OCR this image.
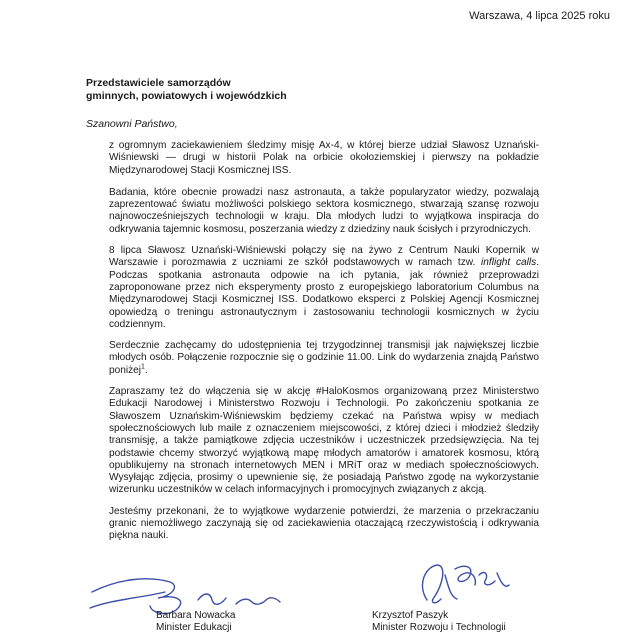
Warszawa, 4 lipca 2025 roku
Przedstawiciele samorządów
gminnych, powiatowych i wojewódzkich
Szanowni Państwo,

z ogromnym zaciekawieniem śledzimy misję Ax-4, w której bierze udział Sławosz Uznański-Wiśniewski — drugi w historii Polak na orbicie okołoziemskiej i pierwszy na pokładzie Międzynarodowej Stacji Kosmicznej ISS.

Badania, które obecnie prowadzi nasz astronauta, a także popularyzator wiedzy, pozwalają zaprezentować światu możliwości polskiego sektora kosmicznego, stwarzają szansę rozwoju najnowocześniejszych technologii w kraju. Dla młodych ludzi to wyjątkowa inspiracja do odkrywania tajemnic kosmosu, poszerzania wiedzy z dziedziny nauk ścisłych i przyrodniczych.

8 lipca Sławosz Uznański-Wiśniewski połączy się na żywo z Centrum Nauki Kopernik w Warszawie i porozmawia z uczniami ze szkół podstawowych w ramach tzw. inflight calls. Podczas spotkania astronauta odpowie na ich pytania, jak również przeprowadzi zaproponowane przez nich eksperymenty prosto z europejskiego laboratorium Columbus na Międzynarodowej Stacji Kosmicznej ISS. Dodatkowo eksperci z Polskiej Agencji Kosmicznej opowiedzą o treningu astronautycznym i zastosowaniu technologii kosmicznych w życiu codziennym.

Serdecznie zachęcamy do udostępnienia tej trzygodzinnej transmisji jak największej liczbie młodych osób. Połączenie rozpocznie się o godzinie 11.00. Link do wydarzenia znajdą Państwo poniżej$^1$.

Zapraszamy też do włączenia się w akcję #HaloKosmos organizowaną przez Ministerstwo Edukacji Narodowej i Ministerstwo Rozwoju i Technologii. Po zakończeniu spotkania ze Sławoszem Uznańskim-Wiśniewskim będziemy czekać na Państwa wpisy w mediach społecznościowych lub maile z oznaczeniem miejscowości, z której dzieci i młodzież śledziły transmisję, a także pamiątkowe zdjęcia uczestników i uczestniczek przedsięwzięcia. Na tej podstawie chcemy stworzyć wyjątkową mapę młodych amatorów i amatorek kosmosu, którą opublikujemy na stronach internetowych MEN i MRiT oraz w mediach społecznościowych. Wysyłając zdjęcia, prosimy o upewnienie się, że posiadają Państwo zgodę na wykorzystanie wizerunku uczestników w celach informacyjnych i promocyjnych związanych z akcją.

Jesteśmy przekonani, że to wyjątkowe wydarzenie potwierdzi, że marzenia o przekraczaniu granic niemożliwego zaczynają się od zaciekawienia otaczającą rzeczywistością i odkrywania piękna nauki.

Barbara Nowacka
Minister Edukacji
Krzysztof Paszyk
Minister Rozwoju i Technologii
